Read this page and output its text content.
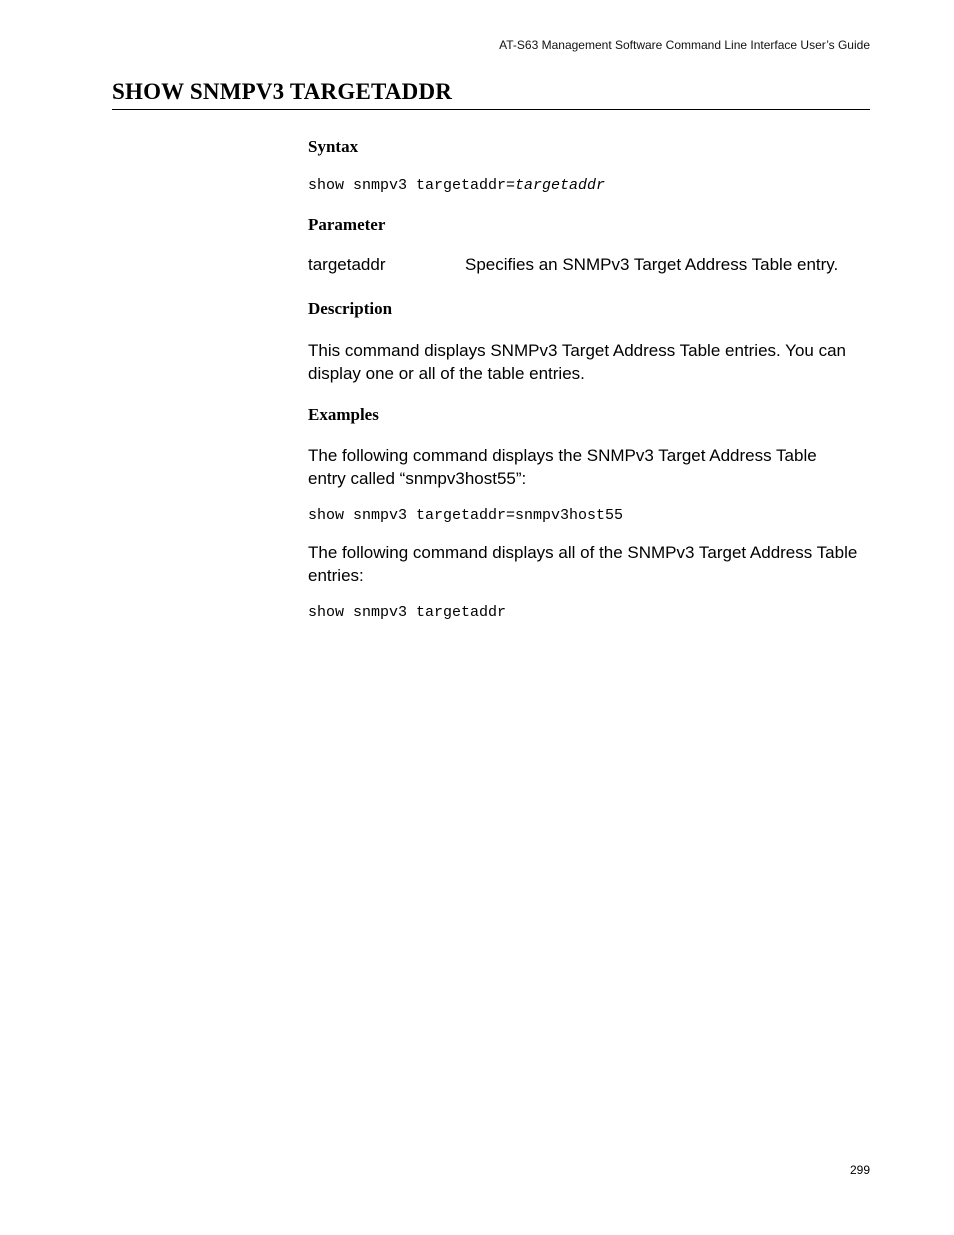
AT-S63 Management Software Command Line Interface User’s Guide
SHOW SNMPV3 TARGETADDR
Syntax
show snmpv3 targetaddr=targetaddr
Parameter
targetaddr	Specifies an SNMPv3 Target Address Table entry.
Description

This command displays SNMPv3 Target Address Table entries. You can display one or all of the table entries.

Examples

The following command displays the SNMPv3 Target Address Table entry called “snmpv3host55”:

show snmpv3 targetaddr=snmpv3host55

The following command displays all of the SNMPv3 Target Address Table entries:

show snmpv3 targetaddr
299
